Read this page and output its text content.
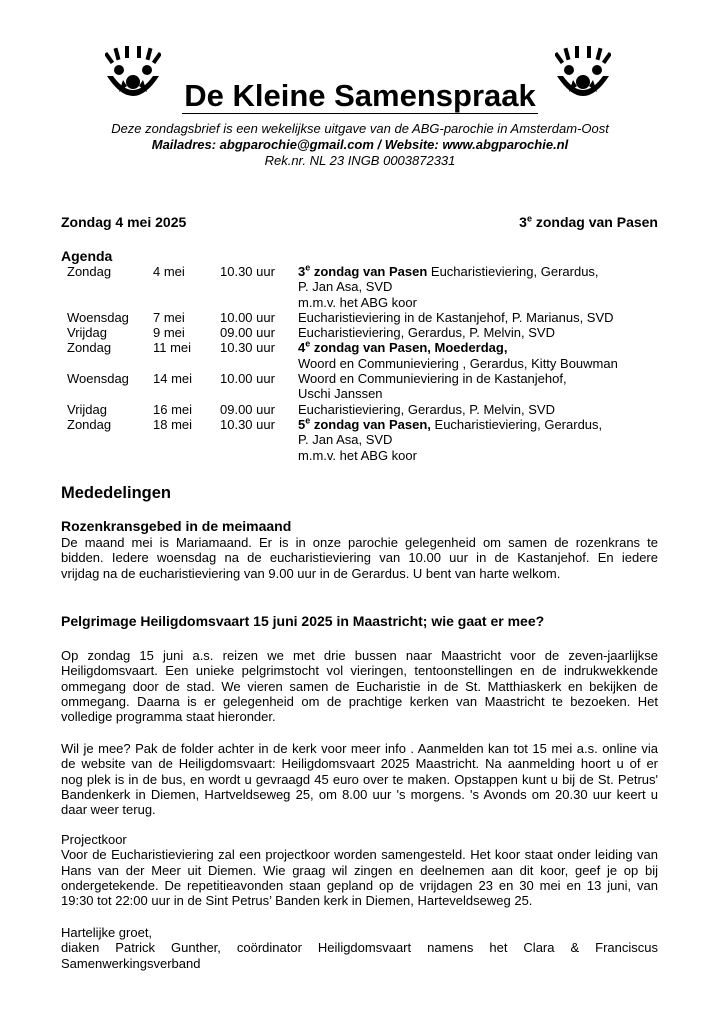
De Kleine Samenspraak
Deze zondagsbrief is een wekelijkse uitgave van de ABG-parochie in Amsterdam-Oost
Mailadres: abgparochie@gmail.com / Website: www.abgparochie.nl
Rek.nr. NL 23 INGB 0003872331
Zondag 4 mei 2025	3e zondag van Pasen
Agenda
Zondag	4 mei	10.30 uur 3e zondag van Pasen Eucharistieviering, Gerardus,
P. Jan Asa, SVD
m.m.v. het ABG koor
Woensdag 7 mei	10.00 uur Eucharistieviering in de Kastanjehof, P. Marianus, SVD
Vrijdag	9 mei	09.00 uur Eucharistieviering, Gerardus, P. Melvin, SVD
Zondag	11 mei 10.30 uur 4e zondag van Pasen, Moederdag,
Woord en Communieviering , Gerardus, Kitty Bouwman
Woensdag 14 mei 10.00 uur Woord en Communieviering in de Kastanjehof,
Uschi Janssen
Vrijdag	16 mei 09.00 uur Eucharistieviering, Gerardus, P. Melvin, SVD
Zondag	18 mei 10.30 uur 5e zondag van Pasen, Eucharistieviering, Gerardus,
P. Jan Asa, SVD
m.m.v. het ABG koor
Mededelingen
Rozenkransgebed in de meimaand
De maand mei is Mariamaand. Er is in onze parochie gelegenheid om samen de rozenkrans te
bidden. Iedere woensdag na de eucharistieviering van 10.00 uur in de Kastanjehof. En iedere
vrijdag na de eucharistieviering van 9.00 uur in de Gerardus. U bent van harte welkom.
Pelgrimage Heiligdomsvaart 15 juni 2025 in Maastricht; wie gaat er mee?
Op zondag 15 juni a.s. reizen we met drie bussen naar Maastricht voor de zeven-jaarlijkse
Heiligdomsvaart. Een unieke pelgrimstocht vol vieringen, tentoonstellingen en de indrukwekkende
ommegang door de stad. We vieren samen de Eucharistie in de St. Matthiaskerk en bekijken de
ommegang. Daarna is er gelegenheid om de prachtige kerken van Maastricht te bezoeken. Het
volledige programma staat hieronder.
Wil je mee? Pak de folder achter in de kerk voor meer info . Aanmelden kan tot 15 mei a.s. online via
de website van de Heiligdomsvaart: Heiligdomsvaart 2025 Maastricht. Na aanmelding hoort u of er
nog plek is in de bus, en wordt u gevraagd 45 euro over te maken. Opstappen kunt u bij de St. Petrus'
Bandenkerk in Diemen, Hartveldseweg 25, om 8.00 uur 's morgens. 's Avonds om 20.30 uur keert u
daar weer terug.
Projectkoor
Voor de Eucharistieviering zal een projectkoor worden samengesteld. Het koor staat onder leiding van
Hans van der Meer uit Diemen. Wie graag wil zingen en deelnemen aan dit koor, geef je op bij
ondergetekende. De repetitieavonden staan gepland op de vrijdagen 23 en 30 mei en 13 juni, van
19:30 tot 22:00 uur in de Sint Petrus’ Banden kerk in Diemen, Harteveldseweg 25.
Hartelijke groet,
diaken Patrick Gunther, coördinator Heiligdomsvaart namens het Clara & Franciscus
Samenwerkingsverband
